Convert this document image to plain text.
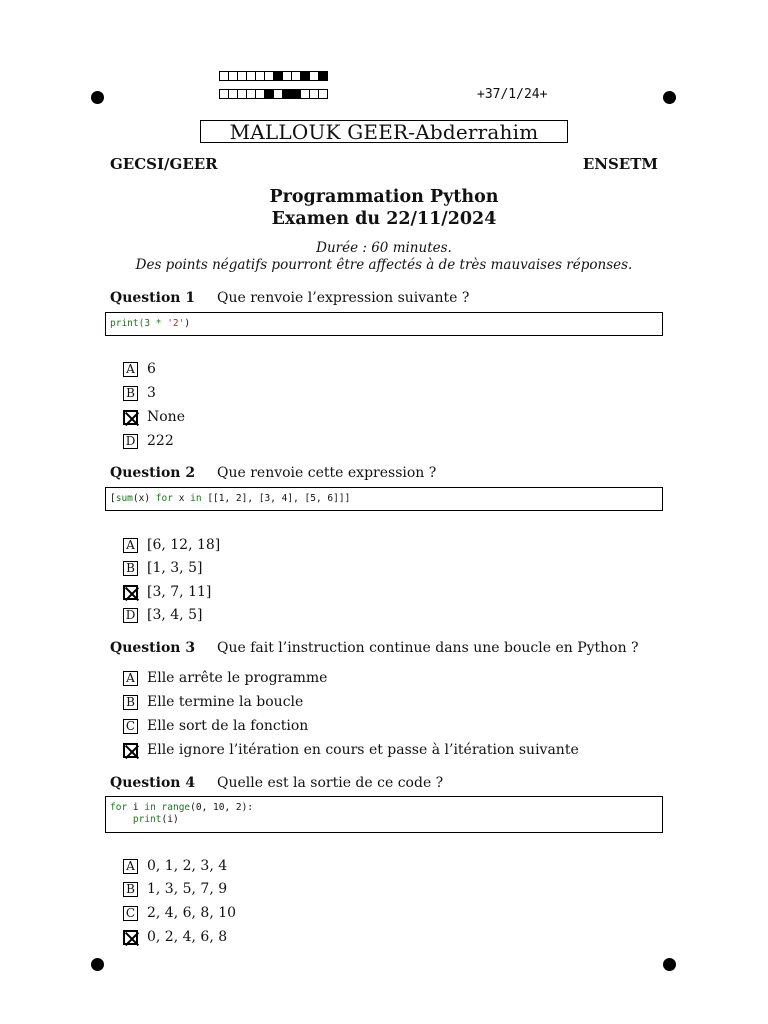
+37/1/24+
MALLOUK GEER-Abderrahim
GECSI/GEER	ENSETM
Programmation Python
Examen du 22/11/2024
Durée : 60 minutes.
Des points négatifs pourront être affectés à de très mauvaises réponses.
Question 1 Que renvoie l’expression suivante ?
print(3 * '2')
A 6
B 3
None
D 222
Question 2 Que renvoie cette expression ?
[sum(x) for x in [[1, 2], [3, 4], [5, 6]]]
A [6, 12, 18]
B [1, 3, 5]
[3, 7, 11]
D [3, 4, 5]
Question 3 Que fait l’instruction continue dans une boucle en Python ?
A Elle arrête le programme
B Elle termine la boucle
C Elle sort de la fonction
Elle ignore l’itération en cours et passe à l’itération suivante
Question 4 Quelle est la sortie de ce code ?
for i in range(0, 10, 2):
print(i)
A 0, 1, 2, 3, 4
B 1, 3, 5, 7, 9
C 2, 4, 6, 8, 10
0, 2, 4, 6, 8
